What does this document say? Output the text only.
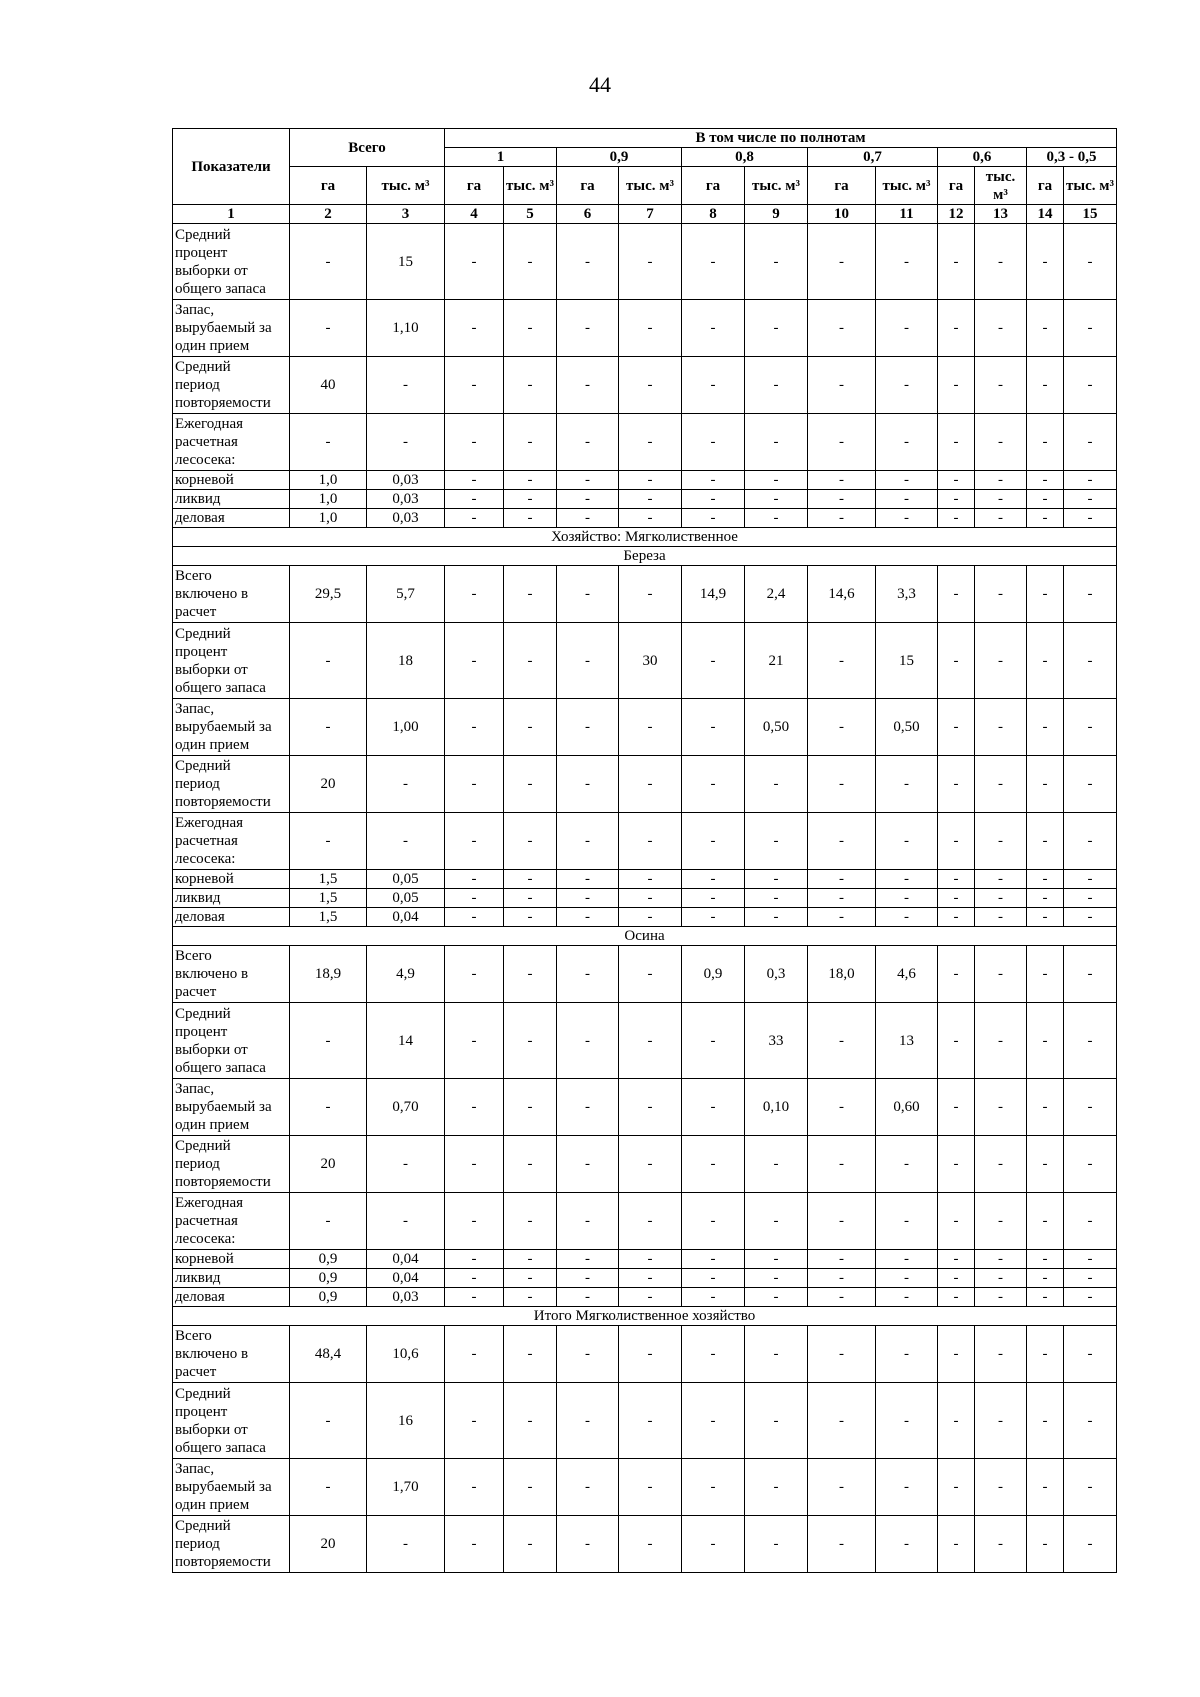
44
Показатели	Всего		В том числе по полнотам											
			1		0,9		0,8		0,7		0,6		0,3 - 0,5	
	га	тыс. м³	га	тыс. м³	га	тыс. м³	га	тыс. м³	га	тыс. м³	га	тыс. м³	га	тыс. м³
1	2	3	4	5	6	7	8	9	10	11	12	13	14	15
Средний
процент
выборки от
общего запаса	-	15	-	-	-	-	-	-	-	-	-	-	-	-
Запас,
вырубаемый за
один прием	-	1,10	-	-	-	-	-	-	-	-	-	-	-	-
Средний
период
повторяемости	40	-	-	-	-	-	-	-	-	-	-	-	-	-
Ежегодная
расчетная
лесосека:	-	-	-	-	-	-	-	-	-	-	-	-	-	-
корневой	1,0	0,03	-	-	-	-	-	-	-	-	-	-	-	-
ликвид	1,0	0,03	-	-	-	-	-	-	-	-	-	-	-	-
деловая	1,0	0,03	-	-	-	-	-	-	-	-	-	-	-	-
Хозяйство: Мягколиственное														
Береза														
Всего
включено в
расчет	29,5	5,7	-	-	-	-	14,9	2,4	14,6	3,3	-	-	-	-
Средний
процент
выборки от
общего запаса	-	18	-	-	-	30	-	21	-	15	-	-	-	-
Запас,
вырубаемый за
один прием	-	1,00	-	-	-	-	-	0,50	-	0,50	-	-	-	-
Средний
период
повторяемости	20	-	-	-	-	-	-	-	-	-	-	-	-	-
Ежегодная
расчетная
лесосека:	-	-	-	-	-	-	-	-	-	-	-	-	-	-
корневой	1,5	0,05	-	-	-	-	-	-	-	-	-	-	-	-
ликвид	1,5	0,05	-	-	-	-	-	-	-	-	-	-	-	-
деловая	1,5	0,04	-	-	-	-	-	-	-	-	-	-	-	-
Осина														
Всего
включено в
расчет	18,9	4,9	-	-	-	-	0,9	0,3	18,0	4,6	-	-	-	-
Средний
процент
выборки от
общего запаса	-	14	-	-	-	-	-	33	-	13	-	-	-	-
Запас,
вырубаемый за
один прием	-	0,70	-	-	-	-	-	0,10	-	0,60	-	-	-	-
Средний
период
повторяемости	20	-	-	-	-	-	-	-	-	-	-	-	-	-
Ежегодная
расчетная
лесосека:	-	-	-	-	-	-	-	-	-	-	-	-	-	-
корневой	0,9	0,04	-	-	-	-	-	-	-	-	-	-	-	-
ликвид	0,9	0,04	-	-	-	-	-	-	-	-	-	-	-	-
деловая	0,9	0,03	-	-	-	-	-	-	-	-	-	-	-	-
Итого Мягколиственное хозяйство														
Всего
включено в
расчет	48,4	10,6	-	-	-	-	-	-	-	-	-	-	-	-
Средний
процент
выборки от
общего запаса	-	16	-	-	-	-	-	-	-	-	-	-	-	-
Запас,
вырубаемый за
один прием	-	1,70	-	-	-	-	-	-	-	-	-	-	-	-
Средний
период
повторяемости	20	-	-	-	-	-	-	-	-	-	-	-	-	-
